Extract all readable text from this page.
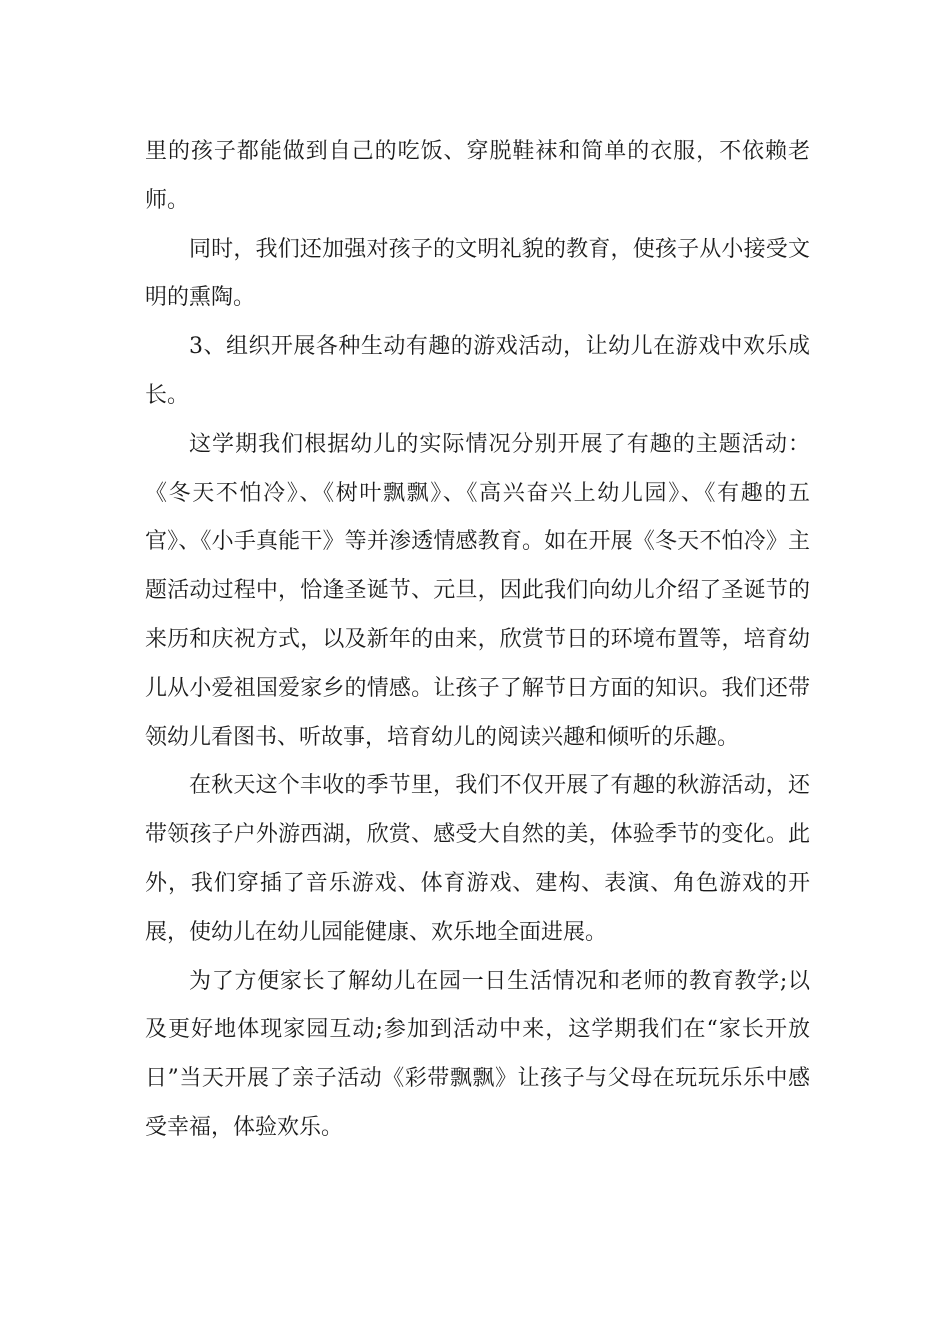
里的孩子都能做到自己的吃饭、穿脱鞋袜和简单的衣服，不依赖老师。

同时，我们还加强对孩子的文明礼貌的教育，使孩子从小接受文明的熏陶。

3、组织开展各种生动有趣的游戏活动，让幼儿在游戏中欢乐成长。

这学期我们根据幼儿的实际情况分别开展了有趣的主题活动：《冬天不怕冷》、《树叶飘飘》、《高兴奋兴上幼儿园》、《有趣的五官》、《小手真能干》等并渗透情感教育。如在开展《冬天不怕冷》主题活动过程中，恰逢圣诞节、元旦，因此我们向幼儿介绍了圣诞节的来历和庆祝方式，以及新年的由来，欣赏节日的环境布置等，培育幼儿从小爱祖国爱家乡的情感。让孩子了解节日方面的知识。我们还带领幼儿看图书、听故事，培育幼儿的阅读兴趣和倾听的乐趣。

在秋天这个丰收的季节里，我们不仅开展了有趣的秋游活动，还带领孩子户外游西湖，欣赏、感受大自然的美，体验季节的变化。此外，我们穿插了音乐游戏、体育游戏、建构、表演、角色游戏的开展，使幼儿在幼儿园能健康、欢乐地全面进展。

为了方便家长了解幼儿在园一日生活情况和老师的教育教学;以及更好地体现家园互动;参加到活动中来，这学期我们在“家长开放日”当天开展了亲子活动《彩带飘飘》让孩子与父母在玩玩乐乐中感受幸福，体验欢乐。
